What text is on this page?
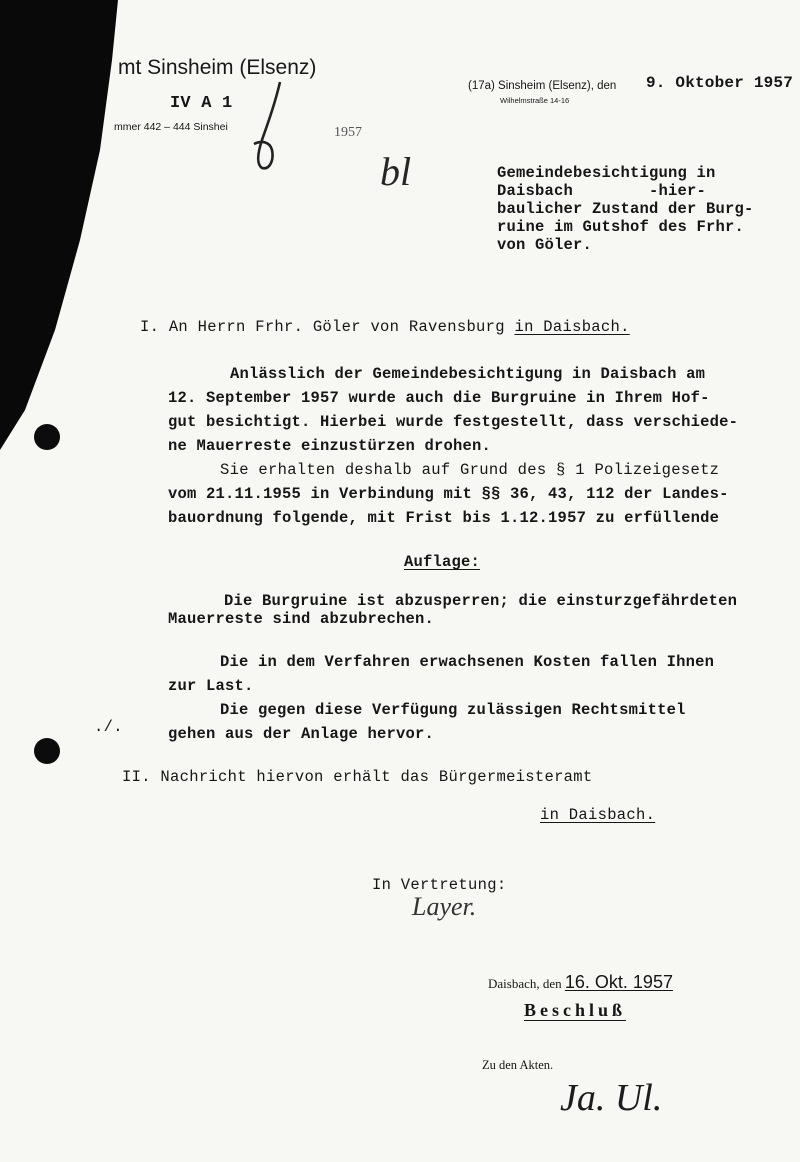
mt Sinsheim (Elsenz)
IV A 1
mmer 442 – 444 Sinshei	1957
(17a) Sinsheim (Elsenz), den 9. Oktober 1957
Wilhelmstraße 14-16
bl	Gemeindebesichtigung in
Daisbach        -hier-
baulicher Zustand der Burg-
ruine im Gutshof des Frhr.
von Göler.
I. An Herrn Frhr. Göler von Ravensburg in Daisbach.
Anlässlich der Gemeindebesichtigung in Daisbach am
12. September 1957 wurde auch die Burgruine in Ihrem Hof-
gut besichtigt. Hierbei wurde festgestellt, dass verschiede-
ne Mauerreste einzustürzen drohen.
Sie erhalten deshalb auf Grund des § 1 Polizeigesetz
vom 21.11.1955 in Verbindung mit §§ 36, 43, 112 der Landes-
bauordnung folgende, mit Frist bis 1.12.1957 zu erfüllende
Auflage:
Die Burgruine ist abzusperren; die einsturzgefährdeten
Mauerreste sind abzubrechen.
Die in dem Verfahren erwachsenen Kosten fallen Ihnen
zur Last.
Die gegen diese Verfügung zulässigen Rechtsmittel
gehen aus der Anlage hervor.
./.
II. Nachricht hiervon erhält das Bürgermeisteramt
in Daisbach.
In Vertretung:
Layer.
Daisbach, den 16. Okt. 1957
Beschluß
Zu den Akten.
Ja. Ul.
